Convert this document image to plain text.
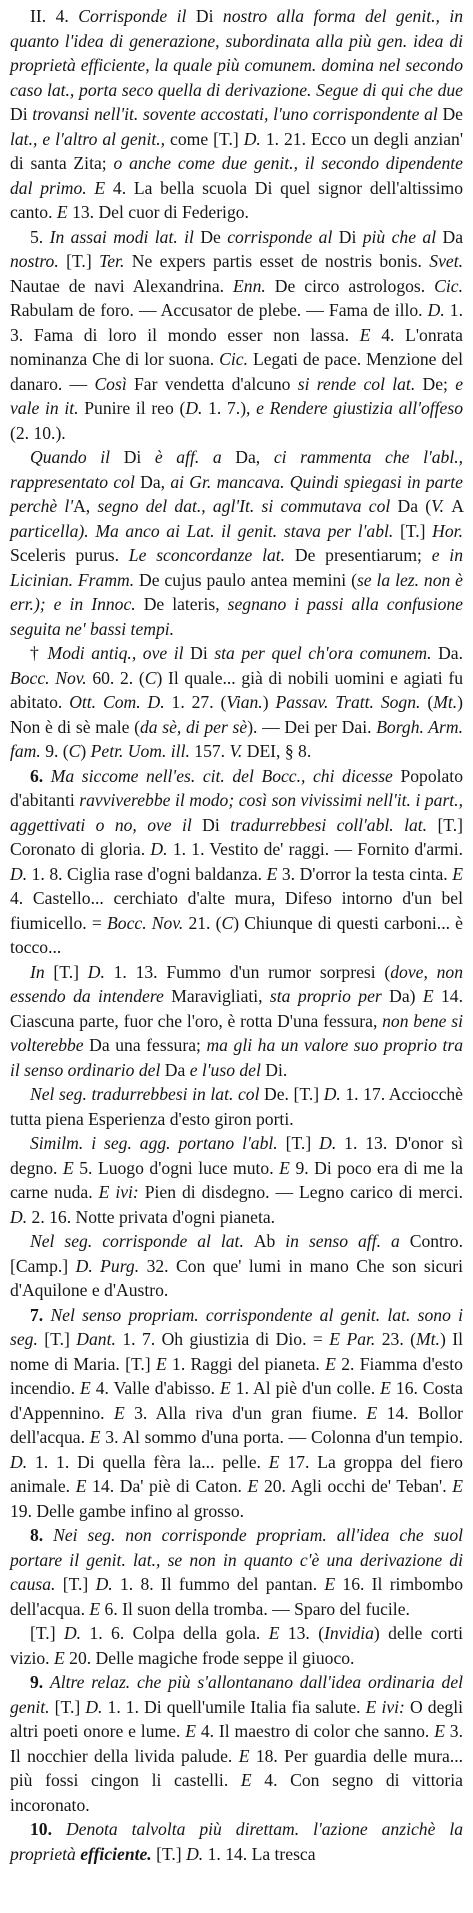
II. 4. Corrisponde il Di nostro alla forma del genit., in quanto l'idea di generazione, subordinata alla più gen. idea di proprietà efficiente, la quale più comunem. domina nel secondo caso lat., porta seco quella di derivazione. Segue di qui che due Di trovansi nell'it. sovente accostati, l'uno corrispondente al De lat., e l'altro al genit., come [T.] D. 1. 21. Ecco un degli anzian' di santa Zita; o anche come due genit., il secondo dipendente dal primo. E 4. La bella scuola Di quel signor dell'altissimo canto. E 13. Del cuor di Federigo.

5. In assai modi lat. il De corrisponde al Di più che al Da nostro. [T.] Ter. Ne expers partis esset de nostris bonis. Svet. Nautae de navi Alexandrina. Enn. De circo astrologos. Cic. Rabulam de foro. — Accusator de plebe. — Fama de illo. D. 1. 3. Fama di loro il mondo esser non lassa. E 4. L'onrata nominanza Che di lor suona. Cic. Legati de pace. Menzione del danaro. — Così Far vendetta d'alcuno si rende col lat. De; e vale in it. Punire il reo (D. 1. 7.), e Rendere giustizia all'offeso (2. 10.).

Quando il Di è aff. a Da, ci rammenta che l'abl., rappresentato col Da, ai Gr. mancava. Quindi spiegasi in parte perchè l'A, segno del dat., agl'It. si commutava col Da (V. A particella). Ma anco ai Lat. il genit. stava per l'abl. [T.] Hor. Sceleris purus. Le sconcordanze lat. De presentiarum; e in Licinian. Framm. De cujus paulo antea memini (se la lez. non è err.); e in Innoc. De lateris, segnano i passi alla confusione seguita ne' bassi tempi.

† Modi antiq., ove il Di sta per quel ch'ora comunem. Da. Bocc. Nov. 60. 2. (C) Il quale... già di nobili uomini e agiati fu abitato. Ott. Com. D. 1. 27. (Vian.) Passav. Tratt. Sogn. (Mt.) Non è di sè male (da sè, di per sè). — Dei per Dai. Borgh. Arm. fam. 9. (C) Petr. Uom. ill. 157. V. DEI, § 8.

6. Ma siccome nell'es. cit. del Bocc., chi dicesse Popolato d'abitanti ravviverebbe il modo; così son vivissimi nell'it. i part., aggettivati o no, ove il Di tradurrebbesi coll'abl. lat. [T.] Coronato di gloria. D. 1. 1. Vestito de' raggi. — Fornito d'armi. D. 1. 8. Ciglia rase d'ogni baldanza. E 3. D'orror la testa cinta. E 4. Castello... cerchiato d'alte mura, Difeso intorno d'un bel fiumicello. = Bocc. Nov. 21. (C) Chiunque di questi carboni... è tocco...

In [T.] D. 1. 13. Fummo d'un rumor sorpresi (dove, non essendo da intendere Maravigliati, sta proprio per Da) E 14. Ciascuna parte, fuor che l'oro, è rotta D'una fessura, non bene si volterebbe Da una fessura; ma gli ha un valore suo proprio tra il senso ordinario del Da e l'uso del Di.

Nel seg. tradurrebbesi in lat. col De. [T.] D. 1. 17. Acciocchè tutta piena Esperienza d'esto giron porti.

Similm. i seg. agg. portano l'abl. [T.] D. 1. 13. D'onor sì degno. E 5. Luogo d'ogni luce muto. E 9. Di poco era di me la carne nuda. E ivi: Pien di disdegno. — Legno carico di merci. D. 2. 16. Notte privata d'ogni pianeta.

Nel seg. corrisponde al lat. Ab in senso aff. a Contro. [Camp.] D. Purg. 32. Con que' lumi in mano Che son sicuri d'Aquilone e d'Austro.

7. Nel senso propriam. corrispondente al genit. lat. sono i seg. [T.] Dant. 1. 7. Oh giustizia di Dio. = E Par. 23. (Mt.) Il nome di Maria. [T.] E 1. Raggi del pianeta. E 2. Fiamma d'esto incendio. E 4. Valle d'abisso. E 1. Al piè d'un colle. E 16. Costa d'Appennino. E 3. Alla riva d'un gran fiume. E 14. Bollor dell'acqua. E 3. Al sommo d'una porta. — Colonna d'un tempio. D. 1. 1. Di quella fèra la... pelle. E 17. La groppa del fiero animale. E 14. Da' piè di Caton. E 20. Agli occhi de' Teban'. E 19. Delle gambe infino al grosso.

8. Nei seg. non corrisponde propriam. all'idea che suol portare il genit. lat., se non in quanto c'è una derivazione di causa. [T.] D. 1. 8. Il fummo del pantan. E 16. Il rimbombo dell'acqua. E 6. Il suon della tromba. — Sparo del fucile.

[T.] D. 1. 6. Colpa della gola. E 13. (Invidia) delle corti vizio. E 20. Delle magiche frode seppe il giuoco.

9. Altre relaz. che più s'allontanano dall'idea ordinaria del genit. [T.] D. 1. 1. Di quell'umile Italia fia salute. E ivi: O degli altri poeti onore e lume. E 4. Il maestro di color che sanno. E 3. Il nocchier della livida palude. E 18. Per guardia delle mura... più fossi cingon li castelli. E 4. Con segno di vittoria incoronato.

10. Denota talvolta più direttam. l'azione anzichè la proprietà efficiente. [T.] D. 1. 14. La tresca
